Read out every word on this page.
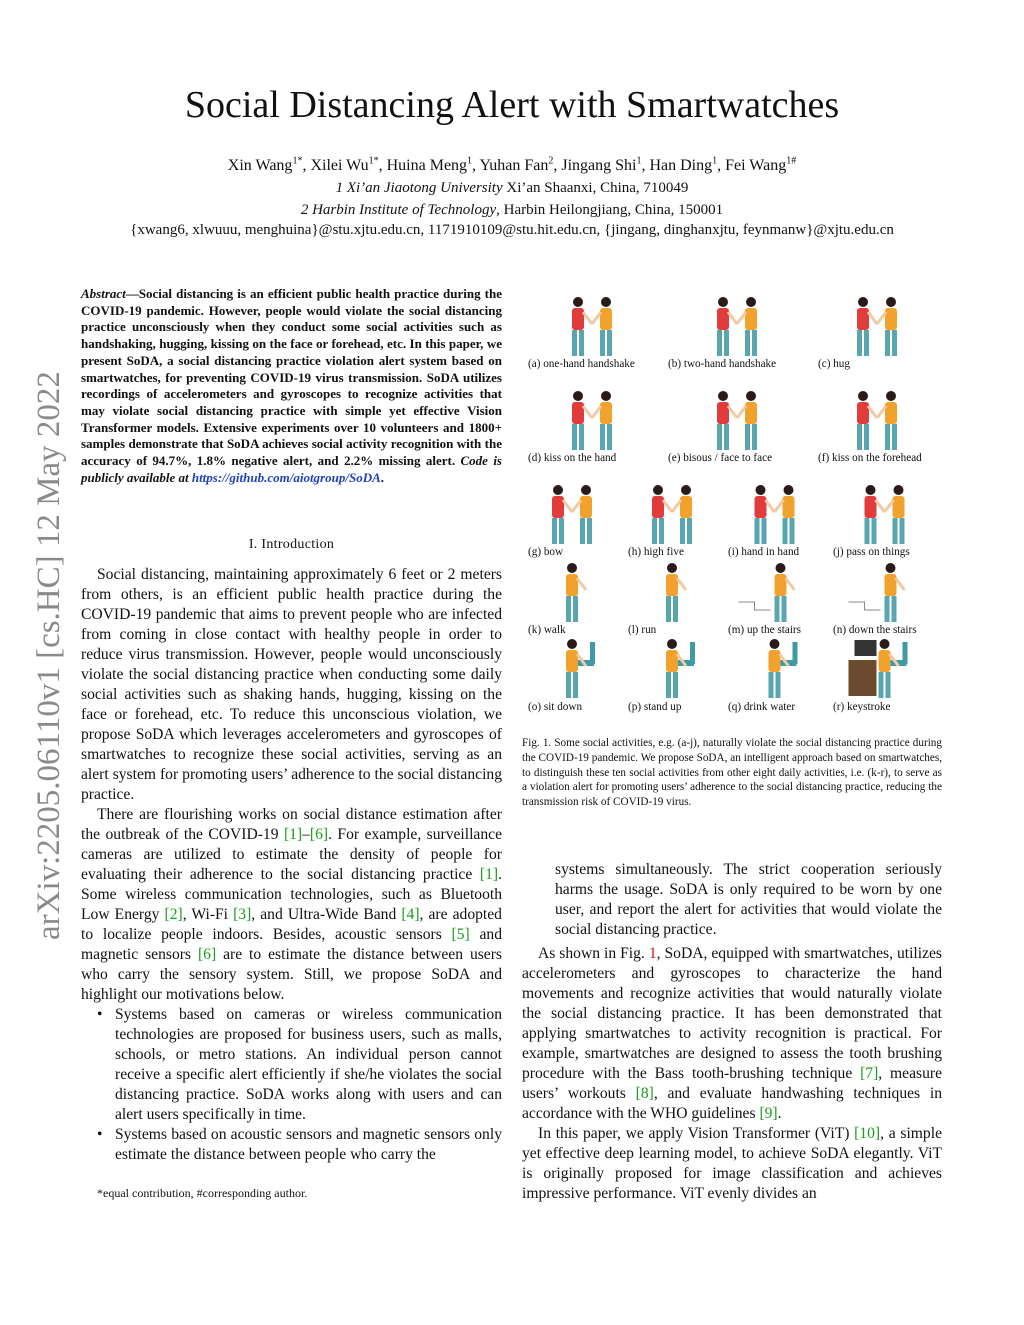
arXiv:2205.06110v1 [cs.HC] 12 May 2022
Social Distancing Alert with Smartwatches
Xin Wang$^{1*}$, Xilei $Wu^{1*}$, Huina Meng$^1$, Yuhan Fan$^2$, Jingang Shi$^1$, Han Ding$^1$, Fei Wang$^{1\#}$
1 Xi’an Jiaotong University Xi’an Shaanxi, China, 710049
2 Harbin Institute of Technology, Harbin Heilongjiang, China, 150001
{xwang6, xlwuuu, menghuina}@stu.xjtu.edu.cn, 1171910109@stu.hit.edu.cn, {jingang, dinghanxjtu, feynmanw}@xjtu.edu.cn
Abstract—Social distancing is an efficient public health practice during the COVID-19 pandemic. However, people would violate the social distancing practice unconsciously when they conduct some social activities such as handshaking, hugging, kissing on the face or forehead, etc. In this paper, we present SoDA, a social distancing practice violation alert system based on smartwatches, for preventing COVID-19 virus transmission. SoDA utilizes recordings of accelerometers and gyroscopes to recognize activities that may violate social distancing practice with simple yet effective Vision Transformer models. Extensive experiments over 10 volunteers and 1800+ samples demonstrate that SoDA achieves social activity recognition with the accuracy of 94.7%, 1.8% negative alert, and 2.2% missing alert. Code is publicly available at https://github.com/aiotgroup/SoDA.
I. Introduction

Social distancing, maintaining approximately 6 feet or 2 meters from others, is an efficient public health practice during the COVID-19 pandemic that aims to prevent people who are infected from coming in close contact with healthy people in order to reduce virus transmission. However, people would unconsciously violate the social distancing practice when conducting some daily social activities such as shaking hands, hugging, kissing on the face or forehead, etc. To reduce this unconscious violation, we propose SoDA which leverages accelerometers and gyroscopes of smartwatches to recognize these social activities, serving as an alert system for promoting users’ adherence to the social distancing practice.

There are flourishing works on social distance estimation after the outbreak of the COVID-19 [1]–[6]. For example, surveillance cameras are utilized to estimate the density of people for evaluating their adherence to the social distancing practice [1]. Some wireless communication technologies, such as Bluetooth Low Energy [2], Wi-Fi [3], and Ultra-Wide Band [4], are adopted to localize people indoors. Besides, acoustic sensors [5] and magnetic sensors [6] are to estimate the distance between users who carry the sensory system. Still, we propose SoDA and highlight our motivations below.

• Systems based on cameras or wireless communication technologies are proposed for business users, such as malls, schools, or metro stations. An individual person cannot receive a specific alert efficiently if she/he violates the social distancing practice. SoDA works along with users and can alert users specifically in time.
• Systems based on acoustic sensors and magnetic sensors only estimate the distance between people who carry the
*equal contribution, #corresponding author.
(a) one-hand handshake	(b) two-hand handshake	(c) hug
(d) kiss on the hand	(e) bisous / face to face	(f) kiss on the forehead
(g) bow	(h) high five	(i) hand in hand	(j) pass on things
(k) walk	(l) run	(m) up the stairs	(n) down the stairs
(o) sit down	(p) stand up	(q) drink water	(r) keystroke
Fig. 1. Some social activities, e.g. (a-j), naturally violate the social distancing practice during the COVID-19 pandemic. We propose SoDA, an intelligent approach based on smartwatches, to distinguish these ten social activities from other eight daily activities, i.e. (k-r), to serve as a violation alert for promoting users’ adherence to the social distancing practice, reducing the transmission risk of COVID-19 virus.
systems simultaneously. The strict cooperation seriously harms the usage. SoDA is only required to be worn by one user, and report the alert for activities that would violate the social distancing practice.

As shown in Fig. 1, SoDA, equipped with smartwatches, utilizes accelerometers and gyroscopes to characterize the hand movements and recognize activities that would naturally violate the social distancing practice. It has been demonstrated that applying smartwatches to activity recognition is practical. For example, smartwatches are designed to assess the tooth brushing procedure with the Bass tooth-brushing technique [7], measure users’ workouts [8], and evaluate handwashing techniques in accordance with the WHO guidelines [9].

In this paper, we apply Vision Transformer (ViT) [10], a simple yet effective deep learning model, to achieve SoDA elegantly. ViT is originally proposed for image classification and achieves impressive performance. ViT evenly divides an
